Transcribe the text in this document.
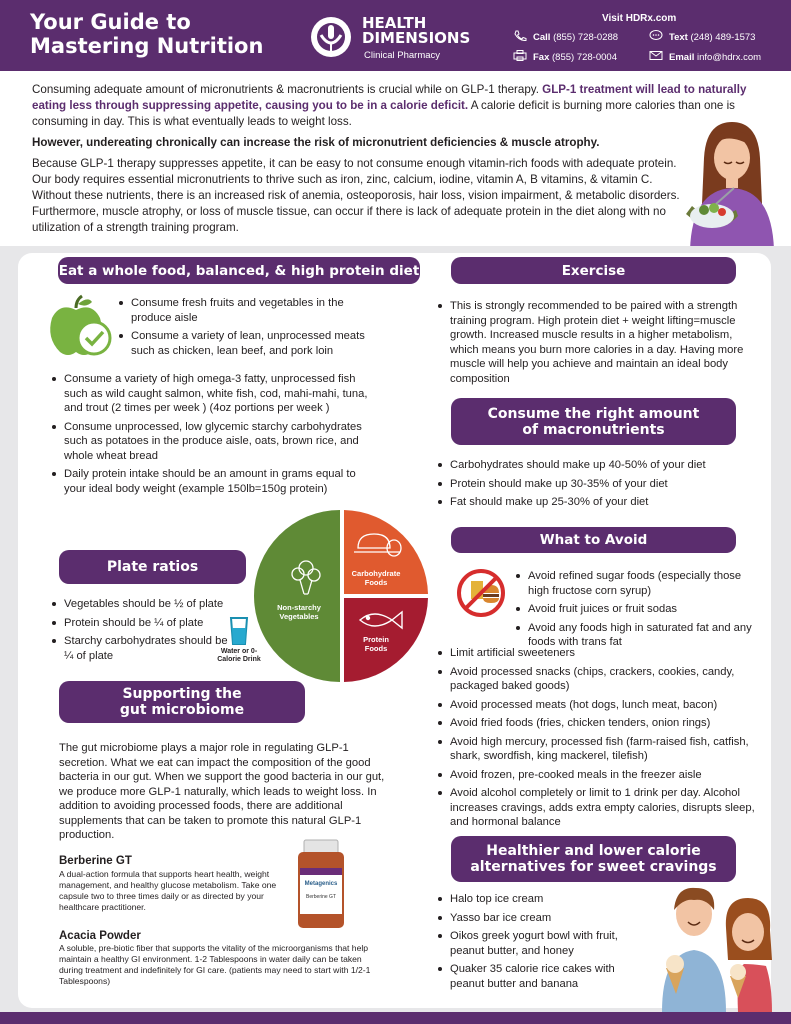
Your Guide to
Mastering Nutrition
HEALTH
DIMENSIONS
Clinical Pharmacy
Visit HDRx.com
Call (855) 728-0288	Text (248) 489-1573
Fax (855) 728-0004	Email info@hdrx.com

Consuming adequate amount of micronutrients & macronutrients is crucial while on GLP-1 therapy. GLP-1 treatment will lead to naturally eating less through suppressing appetite, causing you to be in a calorie deficit. A calorie deficit is burning more calories than one is consuming in day. This is what eventually leads to weight loss.

However, undereating chronically can increase the risk of micronutrient deficiencies & muscle atrophy.

Because GLP-1 therapy suppresses appetite, it can be easy to not consume enough vitamin-rich foods with adequate protein. Our body requires essential micronutrients to thrive such as iron, zinc, calcium, iodine, vitamin A, B vitamins, & vitamin C. Without these nutrients, there is an increased risk of anemia, osteoporosis, hair loss, vision impairment, & metabolic disorders. Furthermore, muscle atrophy, or loss of muscle tissue, can occur if there is lack of adequate protein in the diet along with no utilization of a strength training program.

Eat a whole food, balanced, & high protein diet
Consume fresh fruits and vegetables in the produce aisle
Consume a variety of lean, unprocessed meats such as chicken, lean beef, and pork loin
Consume a variety of high omega-3 fatty, unprocessed fish such as wild caught salmon, white fish, cod, mahi-mahi, tuna, and trout (2 times per week ) (4oz portions per week )
Consume unprocessed, low glycemic starchy carbohydrates such as potatoes in the produce aisle, oats, brown rice, and whole wheat bread
Daily protein intake should be an amount in grams equal to your ideal body weight (example 150lb=150g protein)
Plate ratios
Vegetables should be ½ of plate
Protein should be ¼ of plate
Starchy carbohydrates should be ¼ of plate	Water or 0-Calorie Drink
Non-starchy Vegetables
Carbohydrate Foods
Protein Foods
Supporting the
gut microbiome
The gut microbiome plays a major role in regulating GLP-1 secretion. What we eat can impact the composition of the good bacteria in our gut. When we support the good bacteria in our gut, we produce more GLP-1 naturally, which leads to weight loss. In addition to avoiding processed foods, there are additional supplements that can be taken to promote this natural GLP-1 production.
Berberine GT
A dual-action formula that supports heart health, weight management, and healthy glucose metabolism. Take one capsule two to three times daily or as directed by your healthcare practitioner.
Metagenics
Berberine GT
Acacia Powder
A soluble, pre-biotic fiber that supports the vitality of the microorganisms that help maintain a healthy GI environment. 1-2 Tablespoons in water daily can be taken during treatment and indefinitely for GI care. (patients may need to start with 1/2-1 Tablespoons)
Exercise
This is strongly recommended to be paired with a strength training program. High protein diet + weight lifting=muscle growth. Increased muscle results in a higher metabolism, which means you burn more calories in a day. Having more muscle will help you achieve and maintain an ideal body composition
Consume the right amount
of macronutrients
Carbohydrates should make up 40-50% of your diet
Protein should make up 30-35% of your diet
Fat should make up 25-30% of your diet
What to Avoid
Avoid refined sugar foods (especially those high fructose corn syrup)
Avoid fruit juices or fruit sodas
Avoid any foods high in saturated fat and any foods with trans fat
Limit artificial sweeteners
Avoid processed snacks (chips, crackers, cookies, candy, packaged baked goods)
Avoid processed meats (hot dogs, lunch meat, bacon)
Avoid fried foods (fries, chicken tenders, onion rings)
Avoid high mercury, processed fish (farm-raised fish, catfish, shark, swordfish, king mackerel, tilefish)
Avoid frozen, pre-cooked meals in the freezer aisle
Avoid alcohol completely or limit to 1 drink per day. Alcohol increases cravings, adds extra empty calories, disrupts sleep, and hormonal balance
Healthier and lower calorie
alternatives for sweet cravings
Halo top ice cream
Yasso bar ice cream
Oikos greek yogurt bowl with fruit, peanut butter, and honey
Quaker 35 calorie rice cakes with peanut butter and banana
